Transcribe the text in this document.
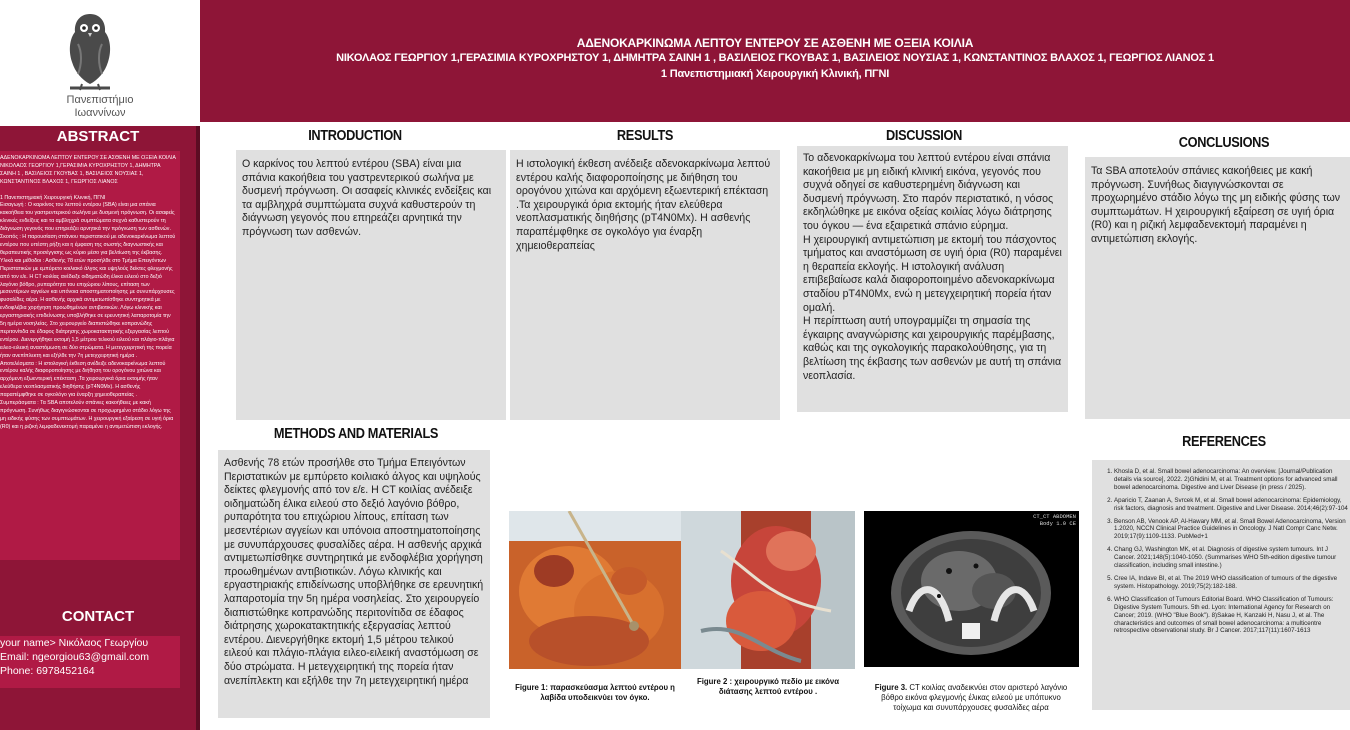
Πανεπιστήμιο
Ιωαννίνων
ABSTRACT
ΑΔΕΝΟΚΑΡΚΙΝΩΜΑ ΛΕΠΤΟΥ ΕΝΤΕΡΟΥ ΣΕ ΑΣΘΕΝΗ ΜΕ ΟΞΕΙΑ ΚΟΙΛΙΑ
ΝΙΚΟΛΑΟΣ ΓΕΩΡΓΙΟΥ 1,ΓΕΡΑΣΙΜΙΑ ΚΥΡΟΧΡΗΣΤΟΥ 1, ΔΗΜΗΤΡΑ ΣΑΙΝΗ 1 , ΒΑΣΙΛΕΙΟΣ ΓΚΟΥΒΑΣ 1, ΒΑΣΙΛΕΙΟΣ ΝΟΥΣΙΑΣ 1, ΚΩΝΣΤΑΝΤΙΝΟΣ ΒΛΑΧΟΣ 1, ΓΕΩΡΓΙΟΣ ΛΙΑΝΟΣ

1 Πανεπιστημιακή Χειρουργική Κλινική, ΠΓΝΙ
Εισαγωγή : Ο καρκίνος του λεπτού εντέρου (SBA) είναι μια σπάνια κακοήθεια του γαστρεντερικού σωλήνα με δυσμενή πρόγνωση. Οι ασαφείς κλινικές ενδείξεις και τα αμβληχρά συμπτώματα συχνά καθυστερούν τη διάγνωση γεγονός που επηρεάζει αρνητικά την πρόγνωση των ασθενών.
Σκοπός : Η παρουσίαση σπάνιου περιστατικού με αδενοκαρκίνωμα λεπτού εντέρου που υπέστη ρήξη και η έμφαση της σωστής διαγνωστικής και θεραπευτικής προσέγγισης ως κύριο μέσο για βελτίωση της έκβασης.
Υλικά και μέθοδοι : Ασθενής 78 ετών προσήλθε στο Τμήμα Επειγόντων Περιστατικών με εμπύρετο κοιλιακό άλγος και υψηλούς δείκτες φλεγμονής από τον ε/ε. Η CT κοιλίας ανέδειξε οιδηματώδη έλικα ειλεού στο δεξιό λαγόνιο βόθρο, ρυπαρότητα του επιχώριου λίπους, επίταση των μεσεντέριων αγγείων και υπόνοια αποστηματοποίησης με συνυπάρχουσες φυσαλίδες αέρα. Η ασθενής αρχικά αντιμετωπίσθηκε συντηρητικά με ενδοφλέβια χορήγηση προωθημένων αντιβιοτικών. Λόγω κλινικής και εργαστηριακής επιδείνωσης υποβλήθηκε σε ερευνητική λαπαροτομία την 5η ημέρα νοσηλείας. Στο χειρουργείο διαπιστώθηκε κοπρανώδης περιτονίτιδα σε έδαφος διάτρησης χωροκατακτητικής εξεργασίας λεπτού εντέρου. Διενεργήθηκε εκτομή 1,5 μέτρου τελικού ειλεού και πλάγιο-πλάγια ειλεο-ειλεική αναστόμωση σε δύο στρώματα. Η μετεγχειρητική της πορεία ήταν ανεπίπλεκτη και εξήλθε την 7η μετεγχειρητική ημέρα .
Αποτελέσματα : Η ιστολογική έκθεση ανέδειξε αδενοκαρκίνωμα λεπτού εντέρου καλής διαφοροποίησης με διήθηση του ορογόνου χιτώνα και αρχόμενη εξωεντερική επέκταση .Τα χειρουργικά όρια εκτομής ήταν ελεύθερα νεοπλασματικής διηθήσης (pT4N0Mx). Η ασθενής παραπέμφθηκε σε ογκολόγο για έναρξη χημειοθεραπείας .
Συμπεράσματα : Τα SBA αποτελούν σπάνιες κακοήθειες με κακή πρόγνωση. Συνήθως διαγιγνώσκονται σε προχωρημένο στάδιο λόγω της μη ειδικής φύσης των συμπτωμάτων. Η χειρουργική εξαίρεση σε υγιή όρια (R0) και η ριζική λεμφαδενεκτομή παραμένει η αντιμετώπιση εκλογής.
CONTACT
your name> Νικόλαος Γεωργίου
Email: ngeorgiou63@gmail.com
Phone: 6978452164
ΑΔΕΝΟΚΑΡΚΙΝΩΜΑ ΛΕΠΤΟΥ ΕΝΤΕΡΟΥ ΣΕ ΑΣΘΕΝΗ ΜΕ ΟΞΕΙΑ ΚΟΙΛΙΑ
ΝΙΚΟΛΑΟΣ ΓΕΩΡΓΙΟΥ 1,ΓΕΡΑΣΙΜΙΑ ΚΥΡΟΧΡΗΣΤΟΥ 1, ΔΗΜΗΤΡΑ ΣΑΙΝΗ 1 , ΒΑΣΙΛΕΙΟΣ ΓΚΟΥΒΑΣ 1, ΒΑΣΙΛΕΙΟΣ ΝΟΥΣΙΑΣ 1, ΚΩΝΣΤΑΝΤΙΝΟΣ ΒΛΑΧΟΣ 1, ΓΕΩΡΓΙΟΣ ΛΙΑΝΟΣ 1
1 Πανεπιστημιακή Χειρουργική Κλινική, ΠΓΝΙ
INTRODUCTION	RESULTS	DISCUSSION	CONCLUSIONS
METHODS AND MATERIALS	REFERENCES
Ο καρκίνος του λεπτού εντέρου (SBA) είναι μια σπάνια κακοήθεια του γαστρεντερικού σωλήνα με δυσμενή πρόγνωση. Οι ασαφείς κλινικές ενδείξεις και τα αμβληχρά συμπτώματα συχνά καθυστερούν τη διάγνωση γεγονός που επηρεάζει αρνητικά την πρόγνωση των ασθενών.
Η ιστολογική έκθεση ανέδειξε αδενοκαρκίνωμα λεπτού εντέρου καλής διαφοροποίησης με διήθηση του ορογόνου χιτώνα και αρχόμενη εξωεντερική επέκταση .Τα χειρουργικά όρια εκτομής ήταν ελεύθερα νεοπλασματικής διηθήσης (pT4N0Mx). Η ασθενής παραπέμφθηκε σε ογκολόγο για έναρξη χημειοθεραπείας
Το αδενοκαρκίνωμα του λεπτού εντέρου είναι σπάνια κακοήθεια με μη ειδική κλινική εικόνα, γεγονός που συχνά οδηγεί σε καθυστερημένη διάγνωση και δυσμενή πρόγνωση. Στο παρόν περιστατικό, η νόσος εκδηλώθηκε με εικόνα οξείας κοιλίας λόγω διάτρησης του όγκου — ένα εξαιρετικά σπάνιο εύρημα.
Η χειρουργική αντιμετώπιση με εκτομή του πάσχοντος τμήματος και αναστόμωση σε υγιή όρια (R0) παραμένει η θεραπεία εκλογής. Η ιστολογική ανάλυση επιβεβαίωσε καλά διαφοροποιημένο αδενοκαρκίνωμα σταδίου pT4N0Mx, ενώ η μετεγχειρητική πορεία ήταν ομαλή.
Η περίπτωση αυτή υπογραμμίζει τη σημασία της έγκαιρης αναγνώρισης και χειρουργικής παρέμβασης, καθώς και της ογκολογικής παρακολούθησης, για τη βελτίωση της έκβασης των ασθενών με αυτή τη σπάνια νεοπλασία.
Τα SBA αποτελούν σπάνιες κακοήθειες με κακή πρόγνωση. Συνήθως διαγιγνώσκονται σε προχωρημένο στάδιο λόγω της μη ειδικής φύσης των συμπτωμάτων. Η χειρουργική εξαίρεση σε υγιή όρια (R0) και η ριζική λεμφαδενεκτομή παραμένει η αντιμετώπιση εκλογής.
Ασθενής 78 ετών προσήλθε στο Τμήμα Επειγόντων Περιστατικών με εμπύρετο κοιλιακό άλγος και υψηλούς δείκτες φλεγμονής από τον ε/ε. Η CT κοιλίας ανέδειξε οιδηματώδη έλικα ειλεού στο δεξιό λαγόνιο βόθρο, ρυπαρότητα του επιχώριου λίπους, επίταση των μεσεντέριων αγγείων και υπόνοια αποστηματοποίησης με συνυπάρχουσες φυσαλίδες αέρα. Η ασθενής αρχικά αντιμετωπίσθηκε συντηρητικά με ενδοφλέβια χορήγηση προωθημένων αντιβιοτικών. Λόγω κλινικής και εργαστηριακής επιδείνωσης υποβλήθηκε σε ερευνητική λαπαροτομία την 5η ημέρα νοσηλείας. Στο χειρουργείο διαπιστώθηκε κοπρανώδης περιτονίτιδα σε έδαφος διάτρησης χωροκατακτητικής εξεργασίας λεπτού εντέρου. Διενεργήθηκε εκτομή 1,5 μέτρου τελικού ειλεού και πλάγιο-πλάγια ειλεο-ειλεική αναστόμωση σε δύο στρώματα. Η μετεγχειρητική της πορεία ήταν ανεπίπλεκτη και εξήλθε την 7η μετεγχειρητική ημέρα
1. Khosla D, et al. Small bowel adenocarcinoma: An overview. [Journal/Publication details via source], 2022. 2)Ghidini M, et al. Treatment options for advanced small bowel adenocarcinoma. Digestive and Liver Disease (in press / 2025).
2. Aparicio T, Zaanan A, Svrcek M, et al. Small bowel adenocarcinoma: Epidemiology, risk factors, diagnosis and treatment. Digestive and Liver Disease. 2014;46(2):97-104
3. Benson AB, Venook AP, Al-Hawary MM, et al. Small Bowel Adenocarcinoma, Version 1.2020, NCCN Clinical Practice Guidelines in Oncology. J Natl Compr Canc Netw. 2019;17(9):1109-1133. PubMed+1
4. Chang GJ, Washington MK, et al. Diagnosis of digestive system tumours. Int J Cancer. 2021;148(5):1040-1050. (Summarises WHO 5th-edition digestive tumour classification, including small intestine.)
5. Cree IA, Indave BI, et al. The 2019 WHO classification of tumours of the digestive system. Histopathology. 2019;75(2):182-188.
6. WHO Classification of Tumours Editorial Board. WHO Classification of Tumours: Digestive System Tumours. 5th ed. Lyon: International Agency for Research on Cancer; 2019. (WHO "Blue Book"). 8)Sakae H, Kanzaki H, Nasu J, et al. The characteristics and outcomes of small bowel adenocarcinoma: a multicentre retrospective observational study. Br J Cancer. 2017;117(11):1607-1613
CT_CT ABDOMEN
Body 1.0 CE
Figure 1: παρασκεύασμα λεπτού εντέρου η λαβίδα υποδεικνύει τον όγκο.
Figure 2 : χειρουργικό πεδίο με εικόνα διάτασης λεπτού εντέρου .	Figure 3. CT κοιλίας αναδεικνύει στον αριστερό λαγόνιο βόθρο εικόνα φλεγμονής έλικας ειλεού με υπόπυκνο τοίχωμα και συνυπάρχουσες φυσαλίδες αέρα
